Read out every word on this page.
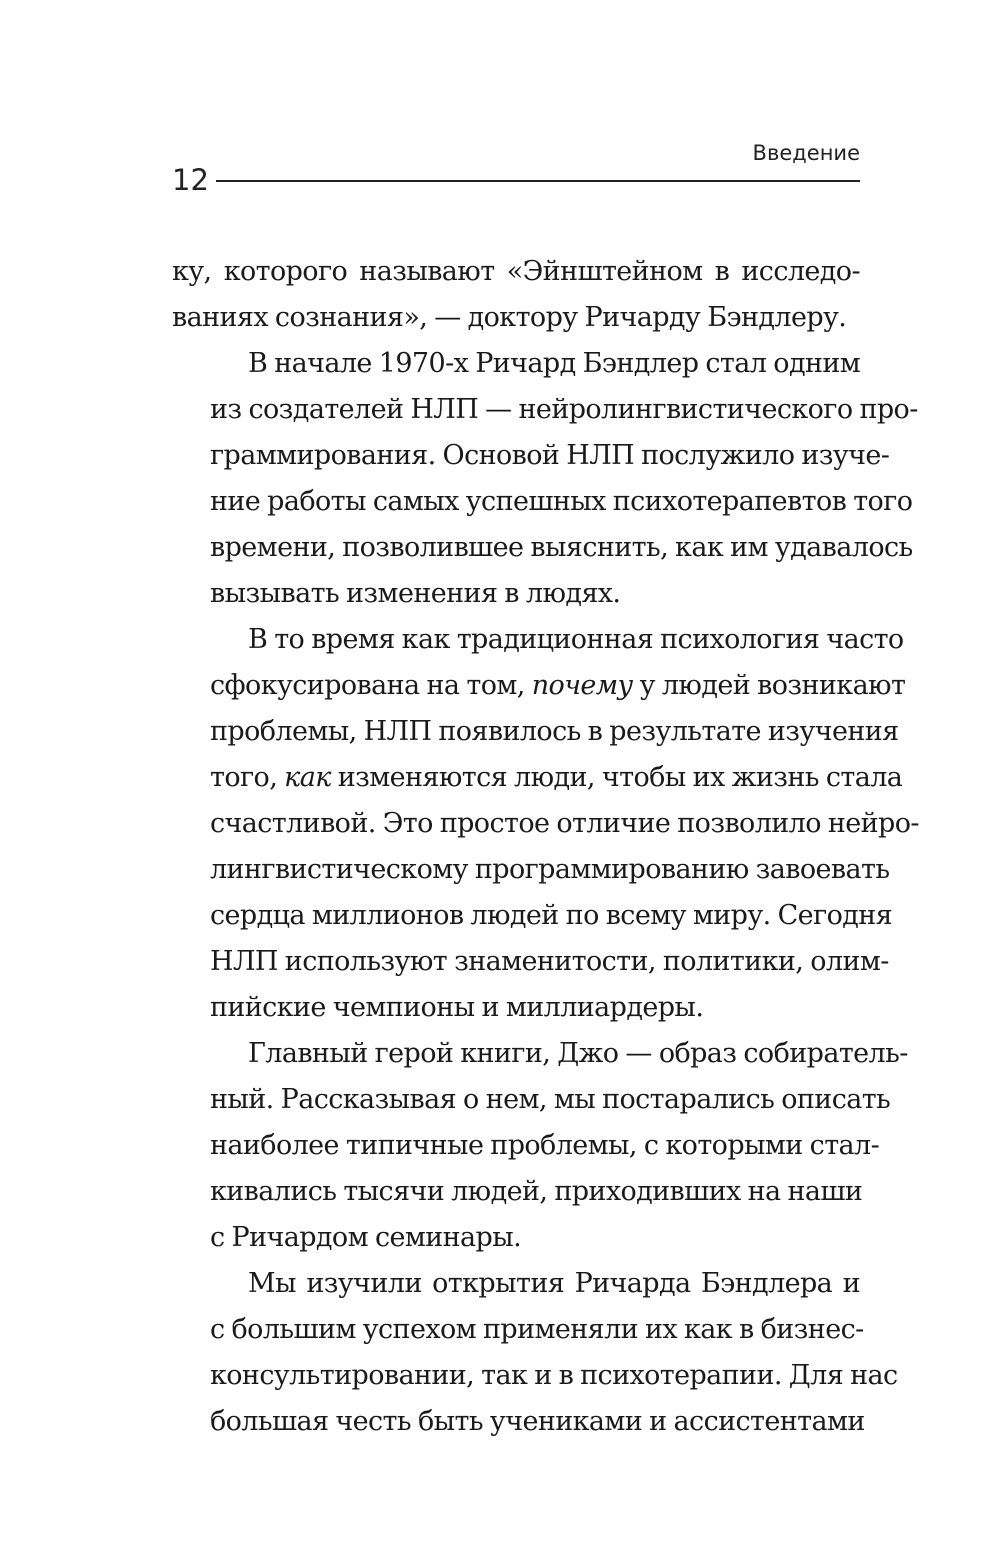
Введение
12
ку, которого называют «Эйнштейном в исследо-
ваниях сознания», — доктору Ричарду Бэндлеру.
В начале 1970-х Ричард Бэндлер стал одним
из создателей НЛП — нейролингвистического про-
граммирования. Основой НЛП послужило изуче-
ние работы самых успешных психотерапевтов того
времени, позволившее выяснить, как им удавалось
вызывать изменения в людях.
В то время как традиционная психология часто
сфокусирована на том, почему у людей возникают
проблемы, НЛП появилось в результате изучения
того, как изменяются люди, чтобы их жизнь стала
счастливой. Это простое отличие позволило нейро-
лингвистическому программированию завоевать
сердца миллионов людей по всему миру. Сегодня
НЛП используют знаменитости, политики, олим-
пийские чемпионы и миллиардеры.
Главный герой книги, Джо — образ собиратель-
ный. Рассказывая о нем, мы постарались описать
наиболее типичные проблемы, с которыми стал-
кивались тысячи людей, приходивших на наши
с Ричардом семинары.
Мы изучили открытия Ричарда Бэндлера и
с большим успехом применяли их как в бизнес-
консультировании, так и в психотерапии. Для нас
большая честь быть учениками и ассистентами
